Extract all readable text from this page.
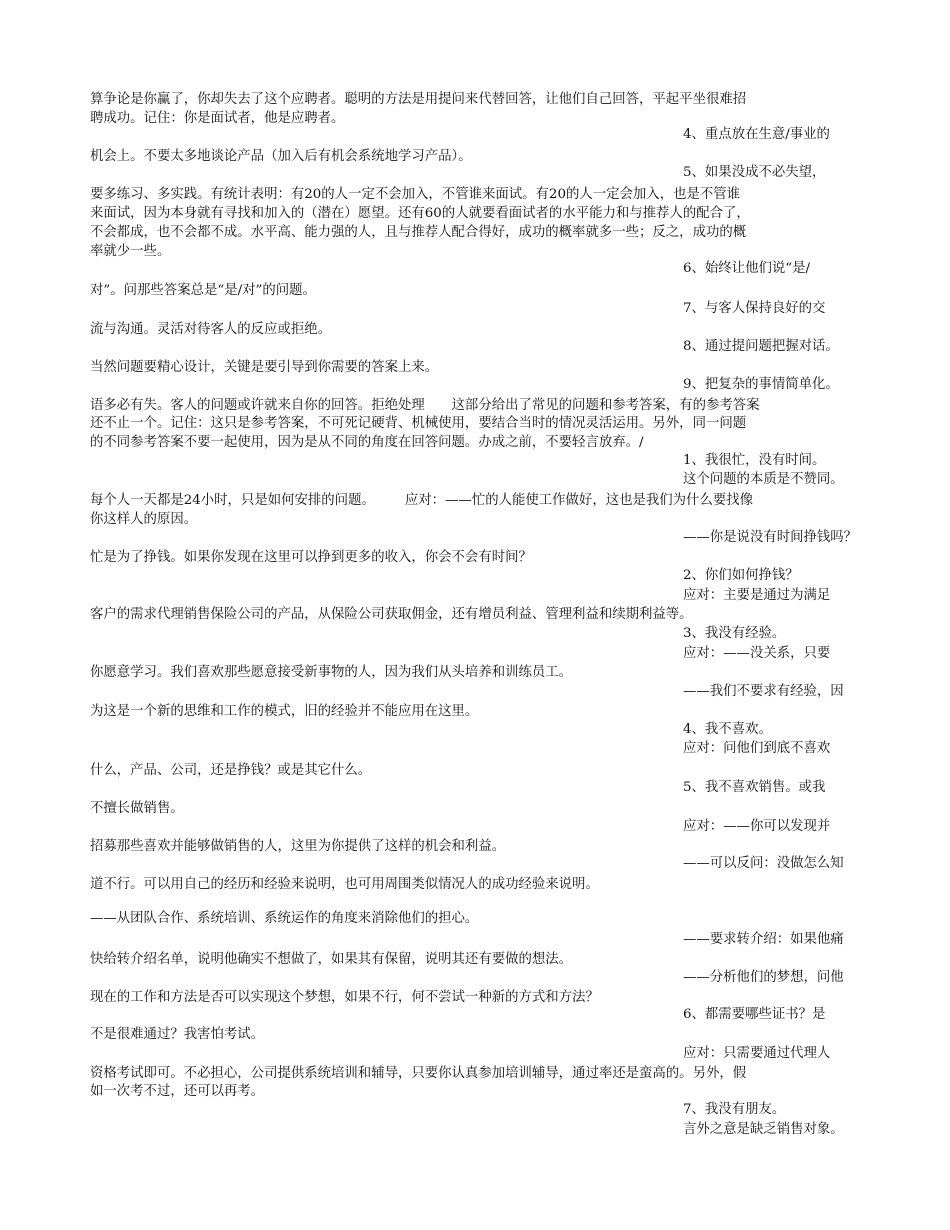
算争论是你赢了，你却失去了这个应聘者。聪明的方法是用提问来代替回答，让他们自己回答，平起平坐很难招
聘成功。记住：你是面试者，他是应聘者。
4、重点放在生意/事业的
机会上。不要太多地谈论产品（加入后有机会系统地学习产品）。
5、如果没成不必失望，
要多练习、多实践。有统计表明：有20的人一定不会加入，不管谁来面试。有20的人一定会加入，也是不管谁
来面试，因为本身就有寻找和加入的（潜在）愿望。还有60的人就要看面试者的水平能力和与推荐人的配合了，
不会都成，也不会都不成。水平高、能力强的人，且与推荐人配合得好，成功的概率就多一些；反之，成功的概
率就少一些。
6、始终让他们说“是/
对”。问那些答案总是“是/对”的问题。
7、与客人保持良好的交
流与沟通。灵活对待客人的反应或拒绝。
8、通过提问题把握对话。
当然问题要精心设计，关键是要引导到你需要的答案上来。
9、把复杂的事情简单化。
语多必有失。客人的问题或许就来自你的回答。拒绝处理　　这部分给出了常见的问题和参考答案，有的参考答案
还不止一个。记住：这只是参考答案，不可死记硬背、机械使用，要结合当时的情况灵活运用。另外，同一问题
的不同参考答案不要一起使用，因为是从不同的角度在回答问题。办成之前，不要轻言放弃。/
1、我很忙，没有时间。
这个问题的本质是不赞同。
每个人一天都是24小时，只是如何安排的问题。 应对：——忙的人能使工作做好，这也是我们为什么要找像
你这样人的原因。
——你是说没有时间挣钱吗？
忙是为了挣钱。如果你发现在这里可以挣到更多的收入，你会不会有时间？
2、你们如何挣钱？
应对：主要是通过为满足
客户的需求代理销售保险公司的产品，从保险公司获取佣金，还有增员利益、管理利益和续期利益等。
3、我没有经验。
应对：——没关系，只要
你愿意学习。我们喜欢那些愿意接受新事物的人，因为我们从头培养和训练员工。
——我们不要求有经验，因
为这是一个新的思维和工作的模式，旧的经验并不能应用在这里。
4、我不喜欢。
应对：问他们到底不喜欢
什么，产品、公司，还是挣钱？或是其它什么。
5、我不喜欢销售。或我
不擅长做销售。
应对：——你可以发现并
招募那些喜欢并能够做销售的人，这里为你提供了这样的机会和利益。
——可以反问：没做怎么知
道不行。可以用自己的经历和经验来说明，也可用周围类似情况人的成功经验来说明。
——从团队合作、系统培训、系统运作的角度来消除他们的担心。
——要求转介绍：如果他痛
快给转介绍名单，说明他确实不想做了，如果其有保留，说明其还有要做的想法。
——分析他们的梦想，问他
现在的工作和方法是否可以实现这个梦想，如果不行，何不尝试一种新的方式和方法？
6、都需要哪些证书？是
不是很难通过？我害怕考试。
应对：只需要通过代理人
资格考试即可。不必担心，公司提供系统培训和辅导，只要你认真参加培训辅导，通过率还是蛮高的。另外，假
如一次考不过，还可以再考。
7、我没有朋友。
言外之意是缺乏销售对象。
